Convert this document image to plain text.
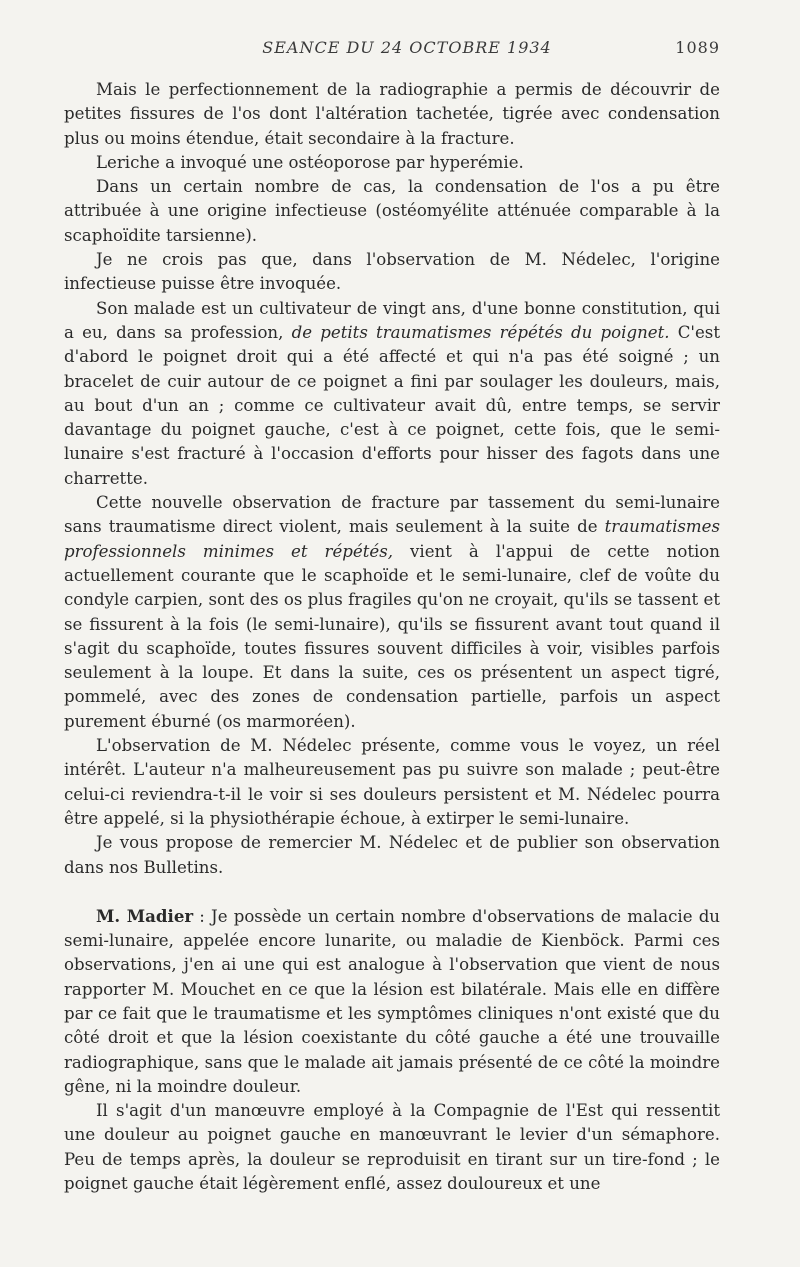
SEANCE DU 24 OCTOBRE 1934	1089

Mais le perfectionnement de la radiographie a permis de découvrir de petites fissures de l'os dont l'altération tachetée, tigrée avec condensation plus ou moins étendue, était secondaire à la fracture.

Leriche a invoqué une ostéoporose par hyperémie.

Dans un certain nombre de cas, la condensation de l'os a pu être attribuée à une origine infectieuse (ostéomyélite atténuée comparable à la scaphoïdite tarsienne).

Je ne crois pas que, dans l'observation de M. Nédelec, l'origine infectieuse puisse être invoquée.

Son malade est un cultivateur de vingt ans, d'une bonne constitution, qui a eu, dans sa profession, de petits traumatismes répétés du poignet. C'est d'abord le poignet droit qui a été affecté et qui n'a pas été soigné ; un bracelet de cuir autour de ce poignet a fini par soulager les douleurs, mais, au bout d'un an ; comme ce cultivateur avait dû, entre temps, se servir davantage du poignet gauche, c'est à ce poignet, cette fois, que le semi-lunaire s'est fracturé à l'occasion d'efforts pour hisser des fagots dans une charrette.

Cette nouvelle observation de fracture par tassement du semi-lunaire sans traumatisme direct violent, mais seulement à la suite de traumatismes professionnels minimes et répétés, vient à l'appui de cette notion actuellement courante que le scaphoïde et le semi-lunaire, clef de voûte du condyle carpien, sont des os plus fragiles qu'on ne croyait, qu'ils se tassent et se fissurent à la fois (le semi-lunaire), qu'ils se fissurent avant tout quand il s'agit du scaphoïde, toutes fissures souvent difficiles à voir, visibles parfois seulement à la loupe. Et dans la suite, ces os présentent un aspect tigré, pommelé, avec des zones de condensation partielle, parfois un aspect purement éburné (os marmoréen).

L'observation de M. Nédelec présente, comme vous le voyez, un réel intérêt. L'auteur n'a malheureusement pas pu suivre son malade ; peut-être celui-ci reviendra-t-il le voir si ses douleurs persistent et M. Nédelec pourra être appelé, si la physiothérapie échoue, à extirper le semi-lunaire.

Je vous propose de remercier M. Nédelec et de publier son observation dans nos Bulletins.

M. Madier : Je possède un certain nombre d'observations de malacie du semi-lunaire, appelée encore lunarite, ou maladie de Kienböck. Parmi ces observations, j'en ai une qui est analogue à l'observation que vient de nous rapporter M. Mouchet en ce que la lésion est bilatérale. Mais elle en diffère par ce fait que le traumatisme et les symptômes cliniques n'ont existé que du côté droit et que la lésion coexistante du côté gauche a été une trouvaille radiographique, sans que le malade ait jamais présenté de ce côté la moindre gêne, ni la moindre douleur.

Il s'agit d'un manœuvre employé à la Compagnie de l'Est qui ressentit une douleur au poignet gauche en manœuvrant le levier d'un sémaphore. Peu de temps après, la douleur se reproduisit en tirant sur un tire-fond ; le poignet gauche était légèrement enflé, assez douloureux et une
